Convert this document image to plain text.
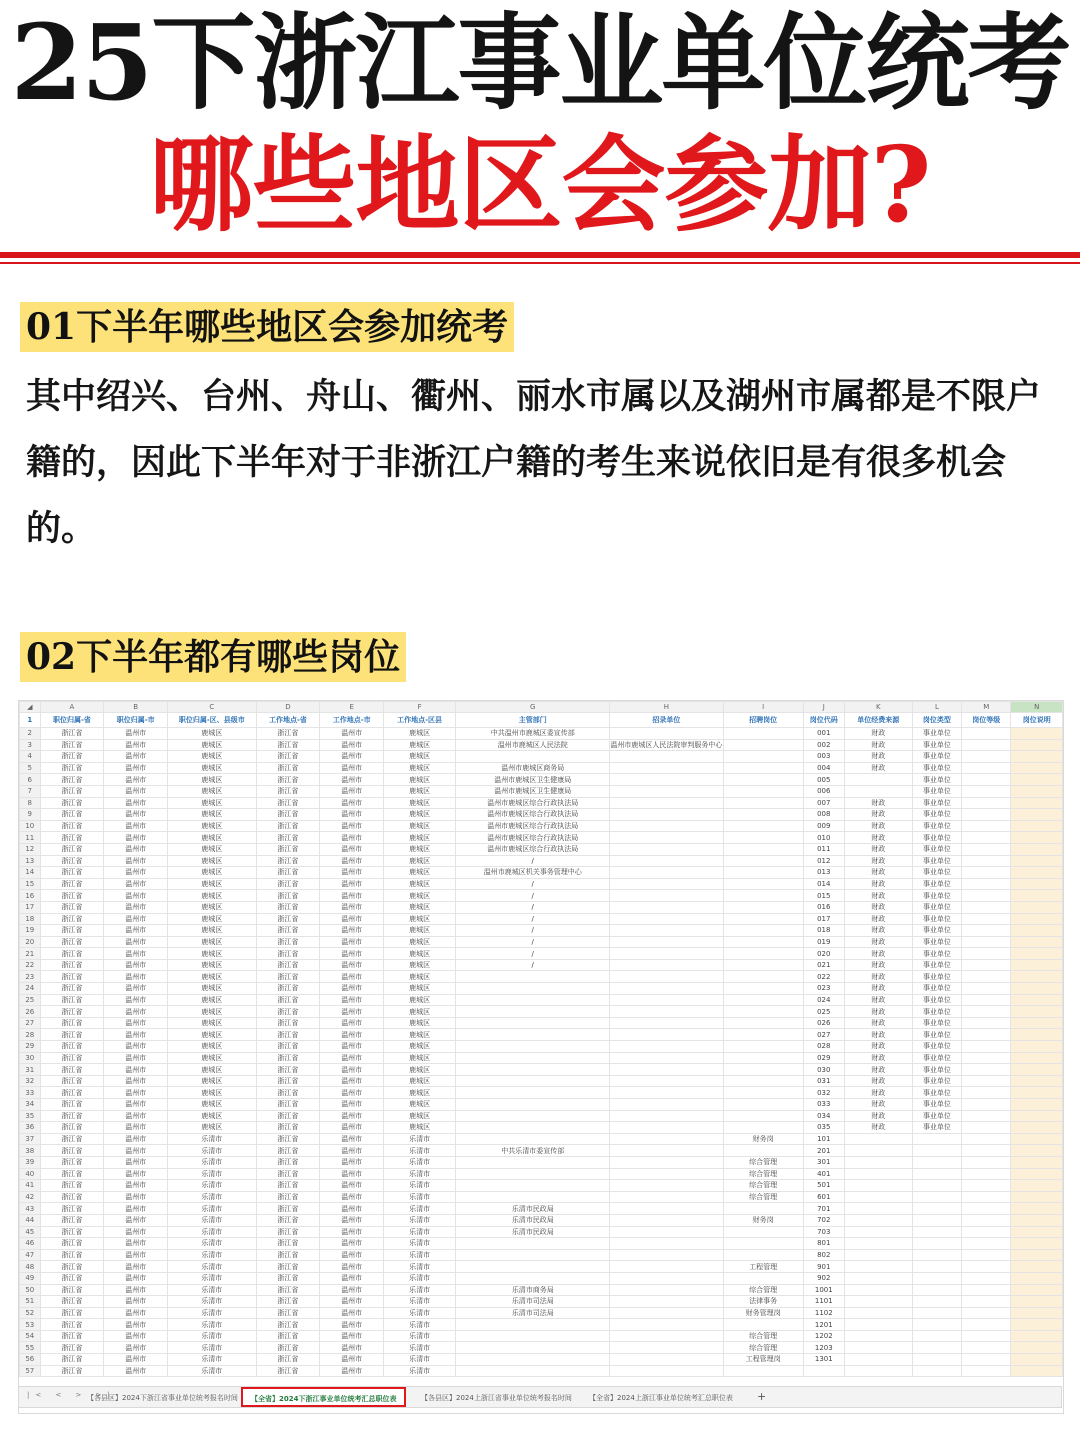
25下浙江事业单位统考
哪些地区会参加?
01下半年哪些地区会参加统考
其中绍兴、台州、舟山、衢州、丽水市属以及湖州市属都是不限户籍的，因此下半年对于非浙江户籍的考生来说依旧是有很多机会的。
02下半年都有哪些岗位
◢	A	B	C	D	E	F	G	H	I	J	K	L	M	N
1	职位归属-省	职位归属-市	职位归属-区、县级市	工作地点-省	工作地点-市	工作地点-区县	主管部门	招录单位	招聘岗位	岗位代码	单位经费来源	岗位类型	岗位等级	岗位说明
2	浙江省	温州市	鹿城区	浙江省	温州市	鹿城区	中共温州市鹿城区委宣传部			001	财政	事业单位		
3	浙江省	温州市	鹿城区	浙江省	温州市	鹿城区	温州市鹿城区人民法院	温州市鹿城区人民法院审判服务中心		002	财政	事业单位		
4	浙江省	温州市	鹿城区	浙江省	温州市	鹿城区				003	财政	事业单位		
5	浙江省	温州市	鹿城区	浙江省	温州市	鹿城区	温州市鹿城区商务局			004	财政	事业单位		
6	浙江省	温州市	鹿城区	浙江省	温州市	鹿城区	温州市鹿城区卫生健康局			005		事业单位		
7	浙江省	温州市	鹿城区	浙江省	温州市	鹿城区	温州市鹿城区卫生健康局			006		事业单位		
8	浙江省	温州市	鹿城区	浙江省	温州市	鹿城区	温州市鹿城区综合行政执法局			007	财政	事业单位		
9	浙江省	温州市	鹿城区	浙江省	温州市	鹿城区	温州市鹿城区综合行政执法局			008	财政	事业单位		
10	浙江省	温州市	鹿城区	浙江省	温州市	鹿城区	温州市鹿城区综合行政执法局			009	财政	事业单位		
11	浙江省	温州市	鹿城区	浙江省	温州市	鹿城区	温州市鹿城区综合行政执法局			010	财政	事业单位		
12	浙江省	温州市	鹿城区	浙江省	温州市	鹿城区	温州市鹿城区综合行政执法局			011	财政	事业单位		
13	浙江省	温州市	鹿城区	浙江省	温州市	鹿城区	/			012	财政	事业单位		
14	浙江省	温州市	鹿城区	浙江省	温州市	鹿城区	温州市鹿城区机关事务管理中心			013	财政	事业单位		
15	浙江省	温州市	鹿城区	浙江省	温州市	鹿城区	/			014	财政	事业单位		
16	浙江省	温州市	鹿城区	浙江省	温州市	鹿城区	/			015	财政	事业单位		
17	浙江省	温州市	鹿城区	浙江省	温州市	鹿城区	/			016	财政	事业单位		
18	浙江省	温州市	鹿城区	浙江省	温州市	鹿城区	/			017	财政	事业单位		
19	浙江省	温州市	鹿城区	浙江省	温州市	鹿城区	/			018	财政	事业单位		
20	浙江省	温州市	鹿城区	浙江省	温州市	鹿城区	/			019	财政	事业单位		
21	浙江省	温州市	鹿城区	浙江省	温州市	鹿城区	/			020	财政	事业单位		
22	浙江省	温州市	鹿城区	浙江省	温州市	鹿城区	/			021	财政	事业单位		
23	浙江省	温州市	鹿城区	浙江省	温州市	鹿城区				022	财政	事业单位		
24	浙江省	温州市	鹿城区	浙江省	温州市	鹿城区				023	财政	事业单位		
25	浙江省	温州市	鹿城区	浙江省	温州市	鹿城区				024	财政	事业单位		
26	浙江省	温州市	鹿城区	浙江省	温州市	鹿城区				025	财政	事业单位		
27	浙江省	温州市	鹿城区	浙江省	温州市	鹿城区				026	财政	事业单位		
28	浙江省	温州市	鹿城区	浙江省	温州市	鹿城区				027	财政	事业单位		
29	浙江省	温州市	鹿城区	浙江省	温州市	鹿城区				028	财政	事业单位		
30	浙江省	温州市	鹿城区	浙江省	温州市	鹿城区				029	财政	事业单位		
31	浙江省	温州市	鹿城区	浙江省	温州市	鹿城区				030	财政	事业单位		
32	浙江省	温州市	鹿城区	浙江省	温州市	鹿城区				031	财政	事业单位		
33	浙江省	温州市	鹿城区	浙江省	温州市	鹿城区				032	财政	事业单位		
34	浙江省	温州市	鹿城区	浙江省	温州市	鹿城区				033	财政	事业单位		
35	浙江省	温州市	鹿城区	浙江省	温州市	鹿城区				034	财政	事业单位		
36	浙江省	温州市	鹿城区	浙江省	温州市	鹿城区				035	财政	事业单位		
37	浙江省	温州市	乐清市	浙江省	温州市	乐清市			财务岗	101				
38	浙江省	温州市	乐清市	浙江省	温州市	乐清市	中共乐清市委宣传部			201				
39	浙江省	温州市	乐清市	浙江省	温州市	乐清市			综合管理	301				
40	浙江省	温州市	乐清市	浙江省	温州市	乐清市			综合管理	401				
41	浙江省	温州市	乐清市	浙江省	温州市	乐清市			综合管理	501				
42	浙江省	温州市	乐清市	浙江省	温州市	乐清市			综合管理	601				
43	浙江省	温州市	乐清市	浙江省	温州市	乐清市	乐清市民政局			701				
44	浙江省	温州市	乐清市	浙江省	温州市	乐清市	乐清市民政局		财务岗	702				
45	浙江省	温州市	乐清市	浙江省	温州市	乐清市	乐清市民政局			703				
46	浙江省	温州市	乐清市	浙江省	温州市	乐清市				801				
47	浙江省	温州市	乐清市	浙江省	温州市	乐清市				802				
48	浙江省	温州市	乐清市	浙江省	温州市	乐清市			工程管理	901				
49	浙江省	温州市	乐清市	浙江省	温州市	乐清市				902				
50	浙江省	温州市	乐清市	浙江省	温州市	乐清市	乐清市商务局		综合管理	1001				
51	浙江省	温州市	乐清市	浙江省	温州市	乐清市	乐清市司法局		法律事务	1101				
52	浙江省	温州市	乐清市	浙江省	温州市	乐清市	乐清市司法局		财务管理岗	1102				
53	浙江省	温州市	乐清市	浙江省	温州市	乐清市				1201				
54	浙江省	温州市	乐清市	浙江省	温州市	乐清市			综合管理	1202				
55	浙江省	温州市	乐清市	浙江省	温州市	乐清市			综合管理	1203				
56	浙江省	温州市	乐清市	浙江省	温州市	乐清市			工程管理岗	1301				
57	浙江省	温州市	乐清市	浙江省	温州市	乐清市								
|< < > >|
【各县区】2024下浙江省事业单位统考报名时间	【全省】2024下浙江事业单位统考汇总职位表	【各县区】2024上浙江省事业单位统考报名时间 【全省】2024上浙江事业单位统考汇总职位表 +
